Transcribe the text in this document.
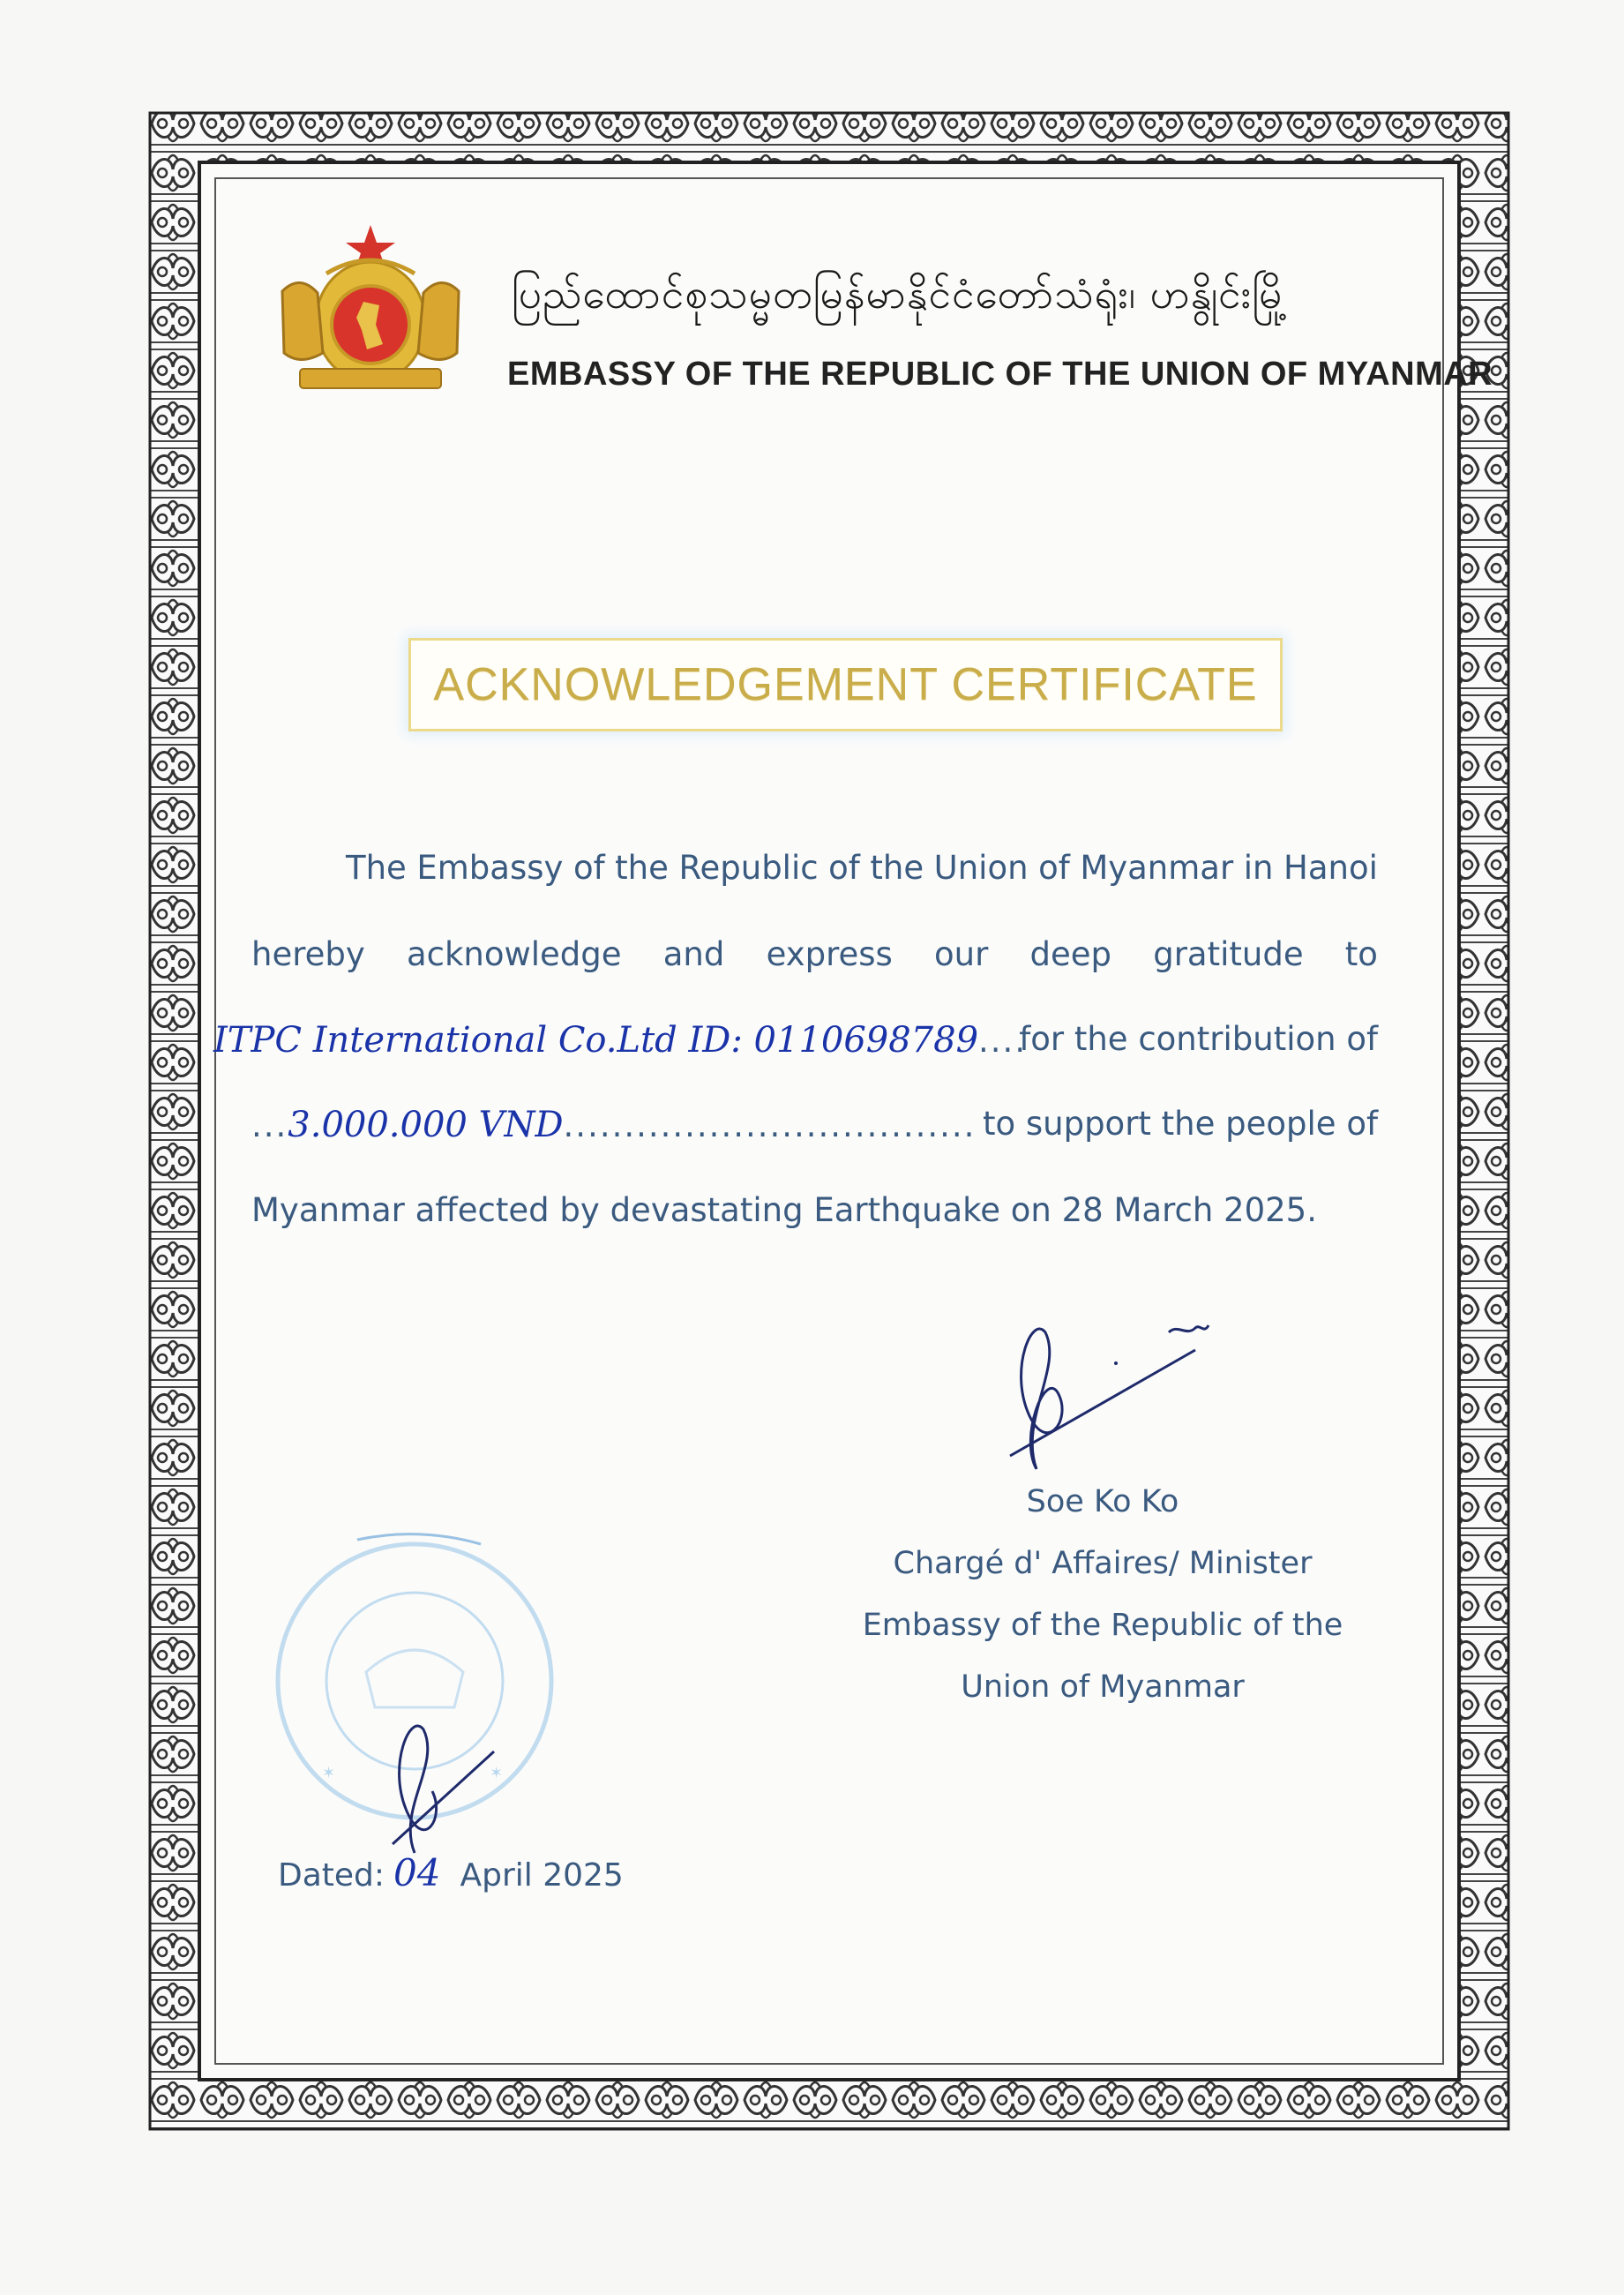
ပြည်ထောင်စုသမ္မတမြန်မာနိုင်ငံတော်သံရုံး၊ ဟနွိုင်းမြို့
EMBASSY OF THE REPUBLIC OF THE UNION OF MYANMAR
ACKNOWLEDGEMENT CERTIFICATE
The Embassy of the Republic of the Union of Myanmar in Hanoi
hereby acknowledge and express our deep gratitude to
ITPC International Co.Ltd ID: 0110698789....
for the contribution of
...3.000.000 VND.................................. to support the people of
Myanmar affected by devastating Earthquake on 28 March 2025.
Soe Ko Ko
Chargé d' Affaires/ Minister
Embassy of the Republic of the
Union of Myanmar
✶	✶
Dated: 04 April 2025
